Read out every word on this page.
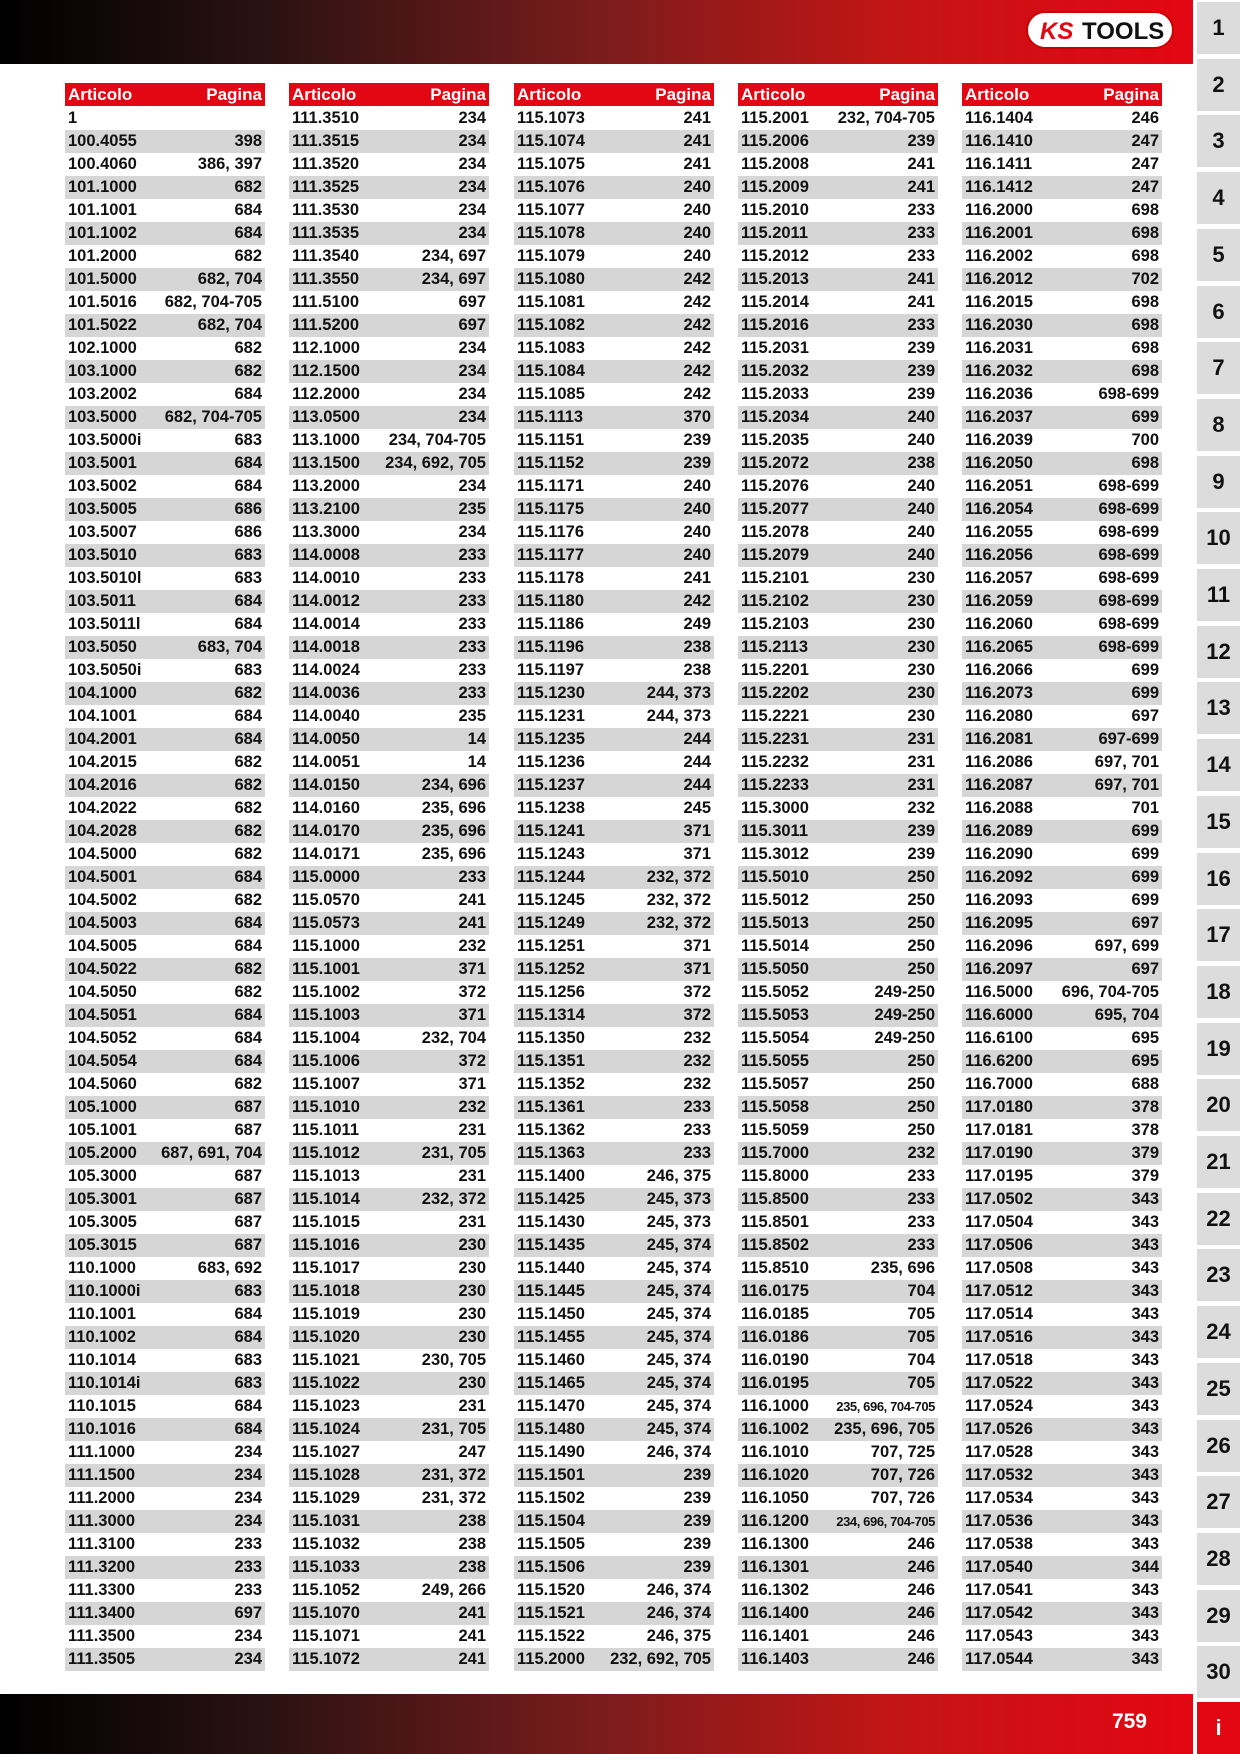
KS TOOLS
Articolo	Pagina
1
100.4055	398
100.4060	386, 397
101.1000	682
101.1001	684
101.1002	684
101.2000	682
101.5000	682, 704
101.5016 682, 704-705
101.5022	682, 704
102.1000	682
103.1000	682
103.2002	684
103.5000 682, 704-705
103.5000i	683
103.5001	684
103.5002	684
103.5005	686
103.5007	686
103.5010	683
103.5010l	683
103.5011	684
103.5011l	684
103.5050	683, 704
103.5050i	683
104.1000	682
104.1001	684
104.2001	684
104.2015	682
104.2016	682
104.2022	682
104.2028	682
104.5000	682
104.5001	684
104.5002	682
104.5003	684
104.5005	684
104.5022	682
104.5050	682
104.5051	684
104.5052	684
104.5054	684
104.5060	682
105.1000	687
105.1001	687
105.2000 687, 691, 704
105.3000	687
105.3001	687
105.3005	687
105.3015	687
110.1000	683, 692
110.1000i	683
110.1001	684
110.1002	684
110.1014	683
110.1014i	683
110.1015	684
110.1016	684
111.1000	234
111.1500	234
111.2000	234
111.3000	234
111.3100	233
111.3200	233
111.3300	233
111.3400	697
111.3500	234
111.3505	234
Articolo	Pagina
111.3510	234
111.3515	234
111.3520	234
111.3525	234
111.3530	234
111.3535	234
111.3540	234, 697
111.3550	234, 697
111.5100	697
111.5200	697
112.1000	234
112.1500	234
112.2000	234
113.0500	234
113.1000 234, 704-705
113.1500 234, 692, 705
113.2000	234
113.2100	235
113.3000	234
114.0008	233
114.0010	233
114.0012	233
114.0014	233
114.0018	233
114.0024	233
114.0036	233
114.0040	235
114.0050	14
114.0051	14
114.0150	234, 696
114.0160	235, 696
114.0170	235, 696
114.0171	235, 696
115.0000	233
115.0570	241
115.0573	241
115.1000	232
115.1001	371
115.1002	372
115.1003	371
115.1004	232, 704
115.1006	372
115.1007	371
115.1010	232
115.1011	231
115.1012	231, 705
115.1013	231
115.1014	232, 372
115.1015	231
115.1016	230
115.1017	230
115.1018	230
115.1019	230
115.1020	230
115.1021	230, 705
115.1022	230
115.1023	231
115.1024	231, 705
115.1027	247
115.1028	231, 372
115.1029	231, 372
115.1031	238
115.1032	238
115.1033	238
115.1052	249, 266
115.1070	241
115.1071	241
115.1072	241
Articolo	Pagina
115.1073	241
115.1074	241
115.1075	241
115.1076	240
115.1077	240
115.1078	240
115.1079	240
115.1080	242
115.1081	242
115.1082	242
115.1083	242
115.1084	242
115.1085	242
115.1113	370
115.1151	239
115.1152	239
115.1171	240
115.1175	240
115.1176	240
115.1177	240
115.1178	241
115.1180	242
115.1186	249
115.1196	238
115.1197	238
115.1230	244, 373
115.1231	244, 373
115.1235	244
115.1236	244
115.1237	244
115.1238	245
115.1241	371
115.1243	371
115.1244	232, 372
115.1245	232, 372
115.1249	232, 372
115.1251	371
115.1252	371
115.1256	372
115.1314	372
115.1350	232
115.1351	232
115.1352	232
115.1361	233
115.1362	233
115.1363	233
115.1400	246, 375
115.1425	245, 373
115.1430	245, 373
115.1435	245, 374
115.1440	245, 374
115.1445	245, 374
115.1450	245, 374
115.1455	245, 374
115.1460	245, 374
115.1465	245, 374
115.1470	245, 374
115.1480	245, 374
115.1490	246, 374
115.1501	239
115.1502	239
115.1504	239
115.1505	239
115.1506	239
115.1520	246, 374
115.1521	246, 374
115.1522	246, 375
115.2000 232, 692, 705
Articolo	Pagina
115.2001 232, 704-705
115.2006	239
115.2008	241
115.2009	241
115.2010	233
115.2011	233
115.2012	233
115.2013	241
115.2014	241
115.2016	233
115.2031	239
115.2032	239
115.2033	239
115.2034	240
115.2035	240
115.2072	238
115.2076	240
115.2077	240
115.2078	240
115.2079	240
115.2101	230
115.2102	230
115.2103	230
115.2113	230
115.2201	230
115.2202	230
115.2221	230
115.2231	231
115.2232	231
115.2233	231
115.3000	232
115.3011	239
115.3012	239
115.5010	250
115.5012	250
115.5013	250
115.5014	250
115.5050	250
115.5052	249-250
115.5053	249-250
115.5054	249-250
115.5055	250
115.5057	250
115.5058	250
115.5059	250
115.7000	232
115.8000	233
115.8500	233
115.8501	233
115.8502	233
115.8510	235, 696
116.0175	704
116.0185	705
116.0186	705
116.0190	704
116.0195	705
116.1000 235, 696, 704-705
116.1002 235, 696, 705
116.1010	707, 725
116.1020	707, 726
116.1050	707, 726
116.1200 234, 696, 704-705
116.1300	246
116.1301	246
116.1302	246
116.1400	246
116.1401	246
116.1403	246
Articolo	Pagina
116.1404	246
116.1410	247
116.1411	247
116.1412	247
116.2000	698
116.2001	698
116.2002	698
116.2012	702
116.2015	698
116.2030	698
116.2031	698
116.2032	698
116.2036	698-699
116.2037	699
116.2039	700
116.2050	698
116.2051	698-699
116.2054	698-699
116.2055	698-699
116.2056	698-699
116.2057	698-699
116.2059	698-699
116.2060	698-699
116.2065	698-699
116.2066	699
116.2073	699
116.2080	697
116.2081	697-699
116.2086	697, 701
116.2087	697, 701
116.2088	701
116.2089	699
116.2090	699
116.2092	699
116.2093	699
116.2095	697
116.2096	697, 699
116.2097	697
116.5000 696, 704-705
116.6000	695, 704
116.6100	695
116.6200	695
116.7000	688
117.0180	378
117.0181	378
117.0190	379
117.0195	379
117.0502	343
117.0504	343
117.0506	343
117.0508	343
117.0512	343
117.0514	343
117.0516	343
117.0518	343
117.0522	343
117.0524	343
117.0526	343
117.0528	343
117.0532	343
117.0534	343
117.0536	343
117.0538	343
117.0540	344
117.0541	343
117.0542	343
117.0543	343
117.0544	343
759
1
2
3
4
5
6
7
8
9
10
11
12
13
14
15
16
17
18
19
20
21
22
23
24
25
26
27
28
29
30
i
